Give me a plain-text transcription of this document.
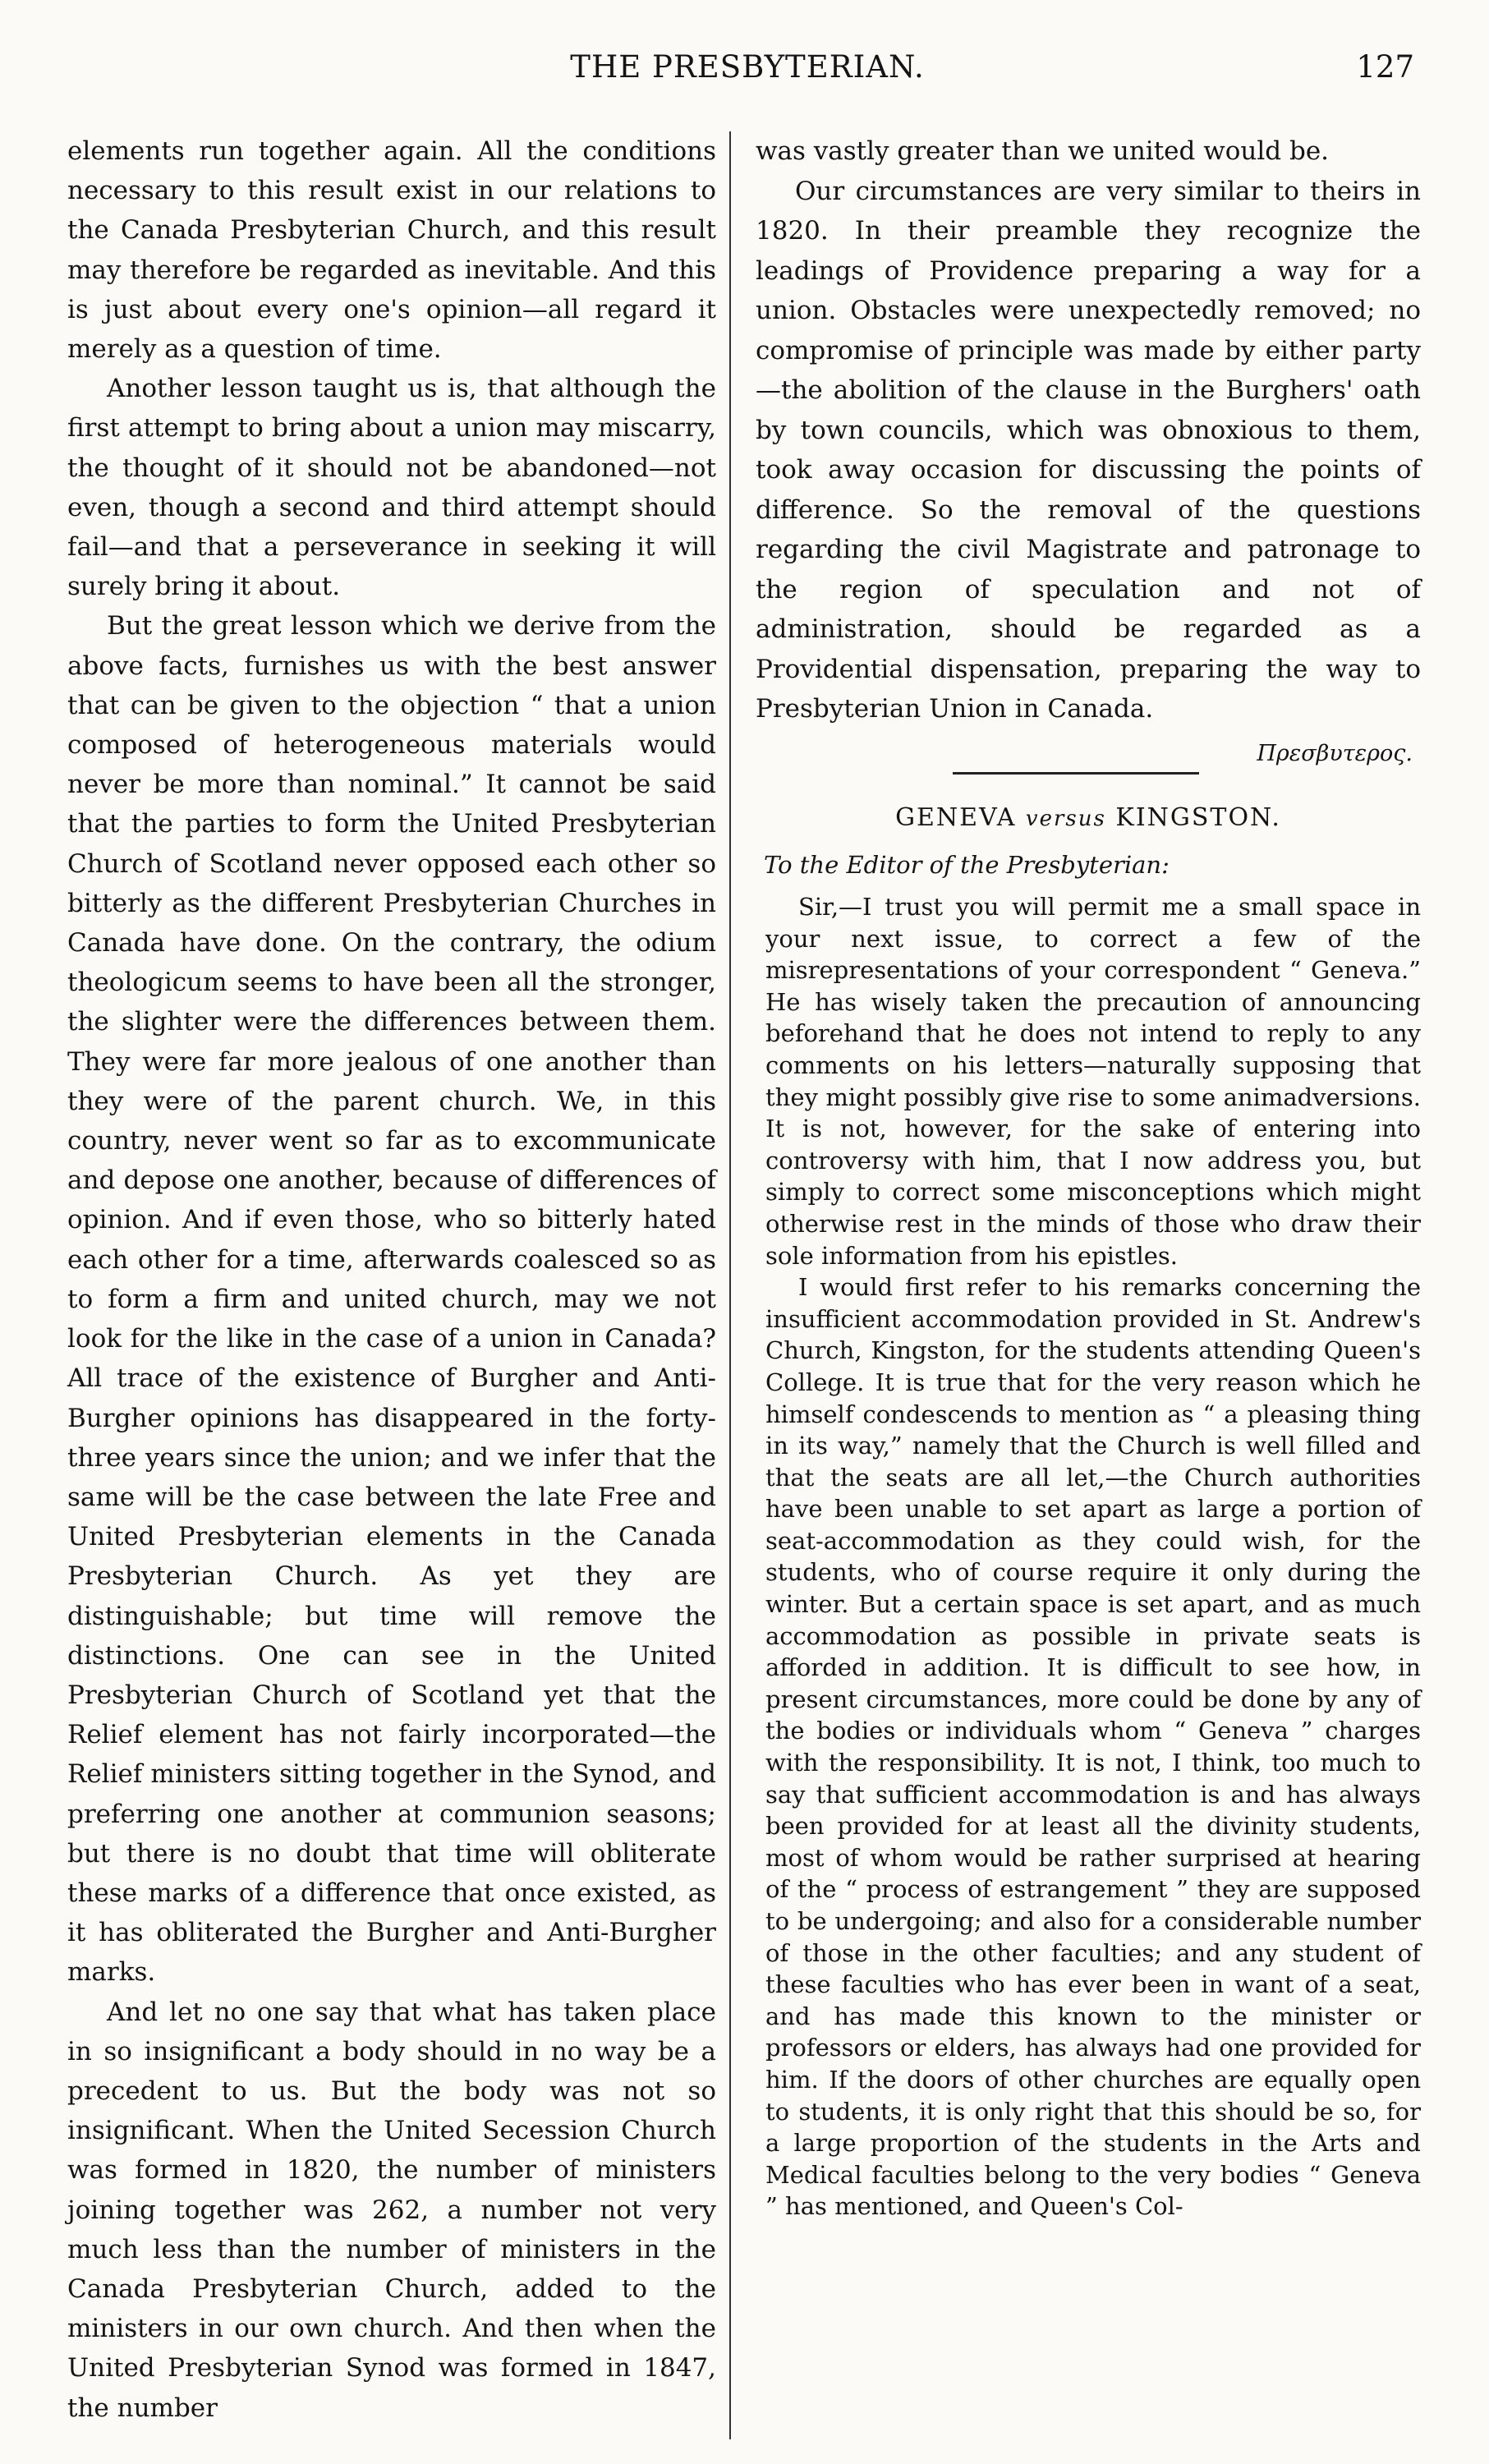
THE PRESBYTERIAN.	127

elements run together again. All the conditions necessary to this result exist in our relations to the Canada Presbyterian Church, and this result may therefore be regarded as inevitable. And this is just about every one's opinion—all regard it merely as a question of time.

Another lesson taught us is, that although the first attempt to bring about a union may miscarry, the thought of it should not be abandoned—not even, though a second and third attempt should fail—and that a perseverance in seeking it will surely bring it about.

But the great lesson which we derive from the above facts, furnishes us with the best answer that can be given to the objection “ that a union composed of heterogeneous materials would never be more than nominal.” It cannot be said that the parties to form the United Presbyterian Church of Scotland never opposed each other so bitterly as the different Presbyterian Churches in Canada have done. On the contrary, the odium theologicum seems to have been all the stronger, the slighter were the differences between them. They were far more jealous of one another than they were of the parent church. We, in this country, never went so far as to excommunicate and depose one another, because of differences of opinion. And if even those, who so bitterly hated each other for a time, afterwards coalesced so as to form a firm and united church, may we not look for the like in the case of a union in Canada? All trace of the existence of Burgher and Anti-Burgher opinions has disappeared in the forty-three years since the union; and we infer that the same will be the case between the late Free and United Presbyterian elements in the Canada Presbyterian Church. As yet they are distinguishable; but time will remove the distinctions. One can see in the United Presbyterian Church of Scotland yet that the Relief element has not fairly incorporated—the Relief ministers sitting together in the Synod, and preferring one another at communion seasons; but there is no doubt that time will obliterate these marks of a difference that once existed, as it has obliterated the Burgher and Anti-Burgher marks.

And let no one say that what has taken place in so insignificant a body should in no way be a precedent to us. But the body was not so insignificant. When the United Secession Church was formed in 1820, the number of ministers joining together was 262, a number not very much less than the number of ministers in the Canada Presbyterian Church, added to the ministers in our own church. And then when the United Presbyterian Synod was formed in 1847, the number

was vastly greater than we united would be.

Our circumstances are very similar to theirs in 1820. In their preamble they recognize the leadings of Providence preparing a way for a union. Obstacles were unexpectedly removed; no compromise of principle was made by either party—the abolition of the clause in the Burghers' oath by town councils, which was obnoxious to them, took away occasion for discussing the points of difference. So the removal of the questions regarding the civil Magistrate and patronage to the region of speculation and not of administration, should be regarded as a Providential dispensation, preparing the way to Presbyterian Union in Canada.

Πρεσβυτερος.
GENEVA versus KINGSTON.
To the Editor of the Presbyterian:

Sir,—I trust you will permit me a small space in your next issue, to correct a few of the misrepresentations of your correspondent “ Geneva.” He has wisely taken the precaution of announcing beforehand that he does not intend to reply to any comments on his letters—naturally supposing that they might possibly give rise to some animadversions. It is not, however, for the sake of entering into controversy with him, that I now address you, but simply to correct some misconceptions which might otherwise rest in the minds of those who draw their sole information from his epistles.

I would first refer to his remarks concerning the insufficient accommodation provided in St. Andrew's Church, Kingston, for the students attending Queen's College. It is true that for the very reason which he himself condescends to mention as “ a pleasing thing in its way,” namely that the Church is well filled and that the seats are all let,—the Church authorities have been unable to set apart as large a portion of seat-accommodation as they could wish, for the students, who of course require it only during the winter. But a certain space is set apart, and as much accommodation as possible in private seats is afforded in addition. It is difficult to see how, in present circumstances, more could be done by any of the bodies or individuals whom “ Geneva ” charges with the responsibility. It is not, I think, too much to say that sufficient accommodation is and has always been provided for at least all the divinity students, most of whom would be rather surprised at hearing of the “ process of estrangement ” they are supposed to be undergoing; and also for a considerable number of those in the other faculties; and any student of these faculties who has ever been in want of a seat, and has made this known to the minister or professors or elders, has always had one provided for him. If the doors of other churches are equally open to students, it is only right that this should be so, for a large proportion of the students in the Arts and Medical faculties belong to the very bodies “ Geneva ” has mentioned, and Queen's Col-
